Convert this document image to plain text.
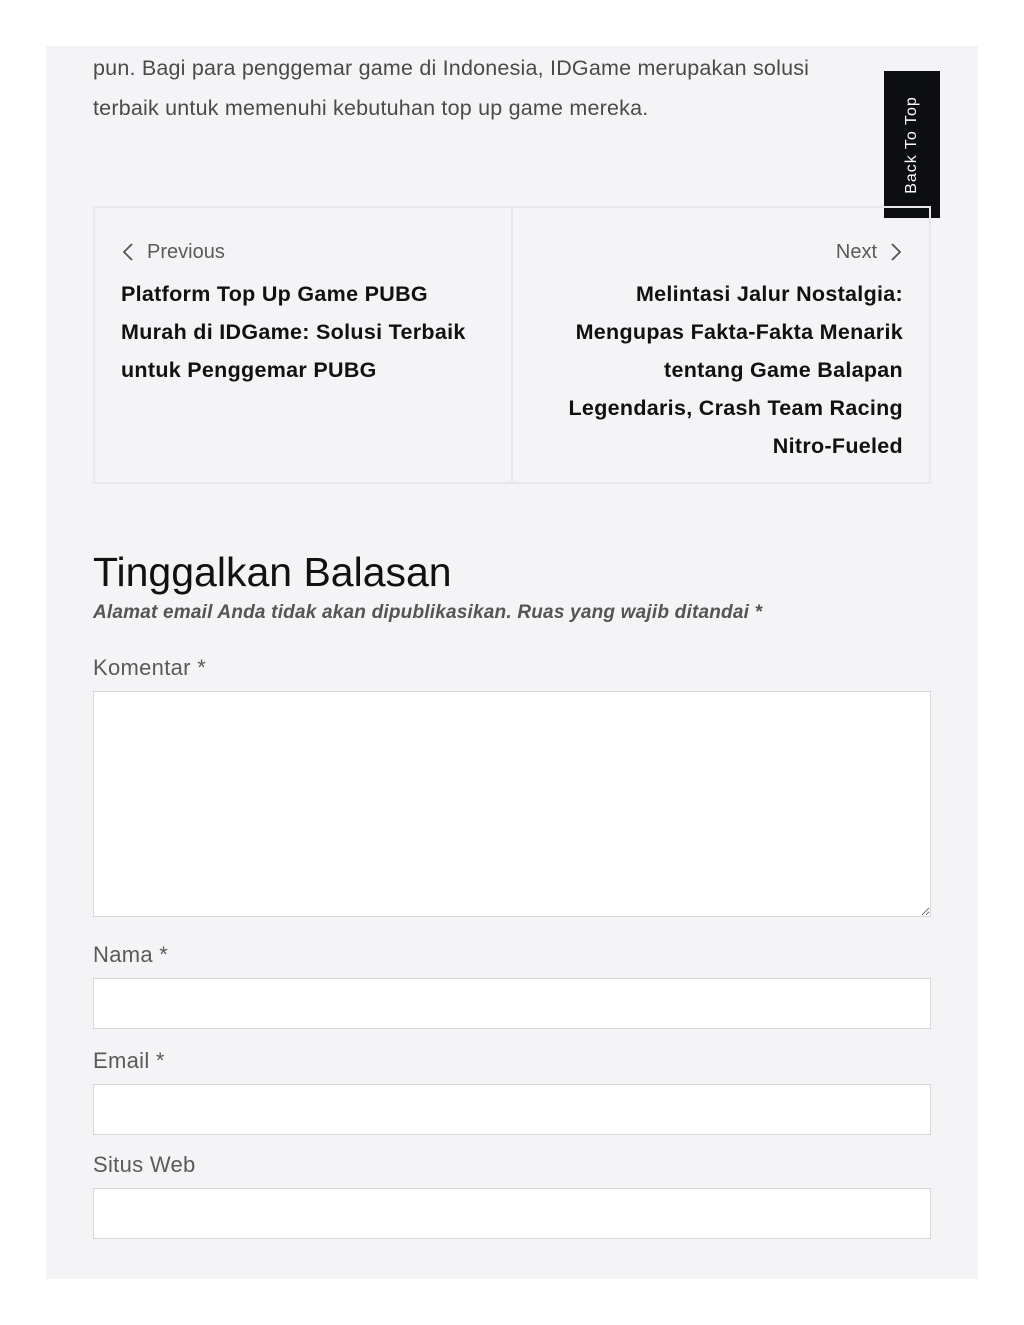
pun. Bagi para penggemar game di Indonesia, IDGame merupakan solusi
terbaik untuk memenuhi kebutuhan top up game mereka.	Back To Top
Previous
Platform Top Up Game PUBG Murah di IDGame: Solusi Terbaik untuk Penggemar PUBG
Next
Melintasi Jalur Nostalgia: Mengupas Fakta-Fakta Menarik tentang Game Balapan Legendaris, Crash Team Racing Nitro-Fueled
Tinggalkan Balasan

Alamat email Anda tidak akan dipublikasikan. Ruas yang wajib ditandai *

Komentar *
Nama *
Email *
Situs Web
